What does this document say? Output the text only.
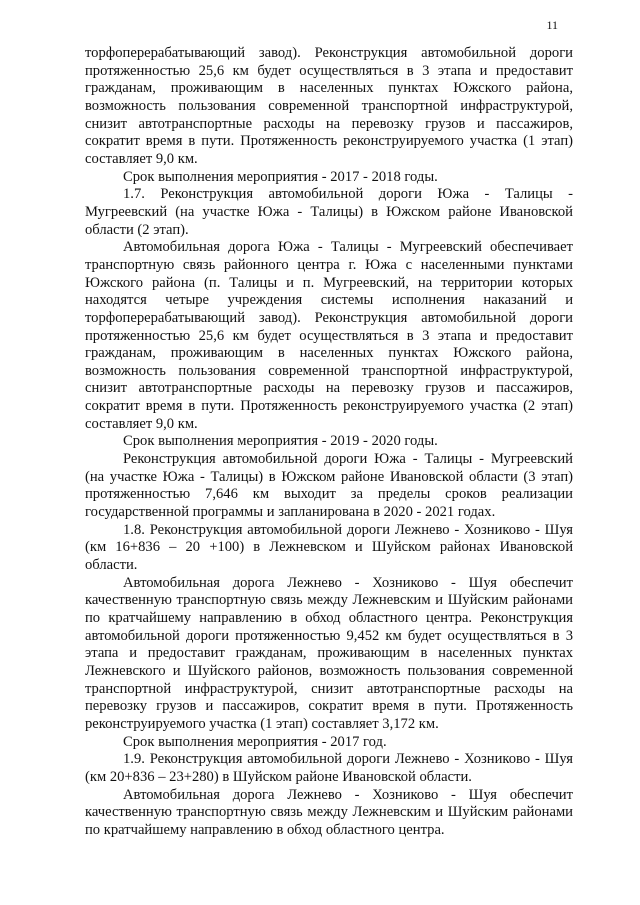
11

торфоперерабатывающий завод). Реконструкция автомобильной дороги протяженностью 25,6 км будет осуществляться в 3 этапа и предоставит гражданам, проживающим в населенных пунктах Южского района, возможность пользования современной транспортной инфраструктурой, снизит автотранспортные расходы на перевозку грузов и пассажиров, сократит время в пути. Протяженность реконструируемого участка (1 этап) составляет 9,0 км.

Срок выполнения мероприятия - 2017 - 2018 годы.

1.7. Реконструкция автомобильной дороги Южа - Талицы - Мугреевский (на участке Южа - Талицы) в Южском районе Ивановской области (2 этап).

Автомобильная дорога Южа - Талицы - Мугреевский обеспечивает транспортную связь районного центра г. Южа с населенными пунктами Южского района (п. Талицы и п. Мугреевский, на территории которых находятся четыре учреждения системы исполнения наказаний и торфоперерабатывающий завод). Реконструкция автомобильной дороги протяженностью 25,6 км будет осуществляться в 3 этапа и предоставит гражданам, проживающим в населенных пунктах Южского района, возможность пользования современной транспортной инфраструктурой, снизит автотранспортные расходы на перевозку грузов и пассажиров, сократит время в пути. Протяженность реконструируемого участка (2 этап) составляет 9,0 км.

Срок выполнения мероприятия - 2019 - 2020 годы.

Реконструкция автомобильной дороги Южа - Талицы - Мугреевский (на участке Южа - Талицы) в Южском районе Ивановской области (3 этап) протяженностью 7,646 км выходит за пределы сроков реализации государственной программы и запланирована в 2020 - 2021 годах.

1.8. Реконструкция автомобильной дороги Лежнево - Хозниково - Шуя (км 16+836 – 20 +100) в Лежневском и Шуйском районах Ивановской области.

Автомобильная дорога Лежнево - Хозниково - Шуя обеспечит качественную транспортную связь между Лежневским и Шуйским районами по кратчайшему направлению в обход областного центра. Реконструкция автомобильной дороги протяженностью 9,452 км будет осуществляться в 3 этапа и предоставит гражданам, проживающим в населенных пунктах Лежневского и Шуйского районов, возможность пользования современной транспортной инфраструктурой, снизит автотранспортные расходы на перевозку грузов и пассажиров, сократит время в пути. Протяженность реконструируемого участка (1 этап) составляет 3,172 км.

Срок выполнения мероприятия - 2017 год.

1.9. Реконструкция автомобильной дороги Лежнево - Хозниково - Шуя (км 20+836 – 23+280) в Шуйском районе Ивановской области.

Автомобильная дорога Лежнево - Хозниково - Шуя обеспечит качественную транспортную связь между Лежневским и Шуйским районами по кратчайшему направлению в обход областного центра.
